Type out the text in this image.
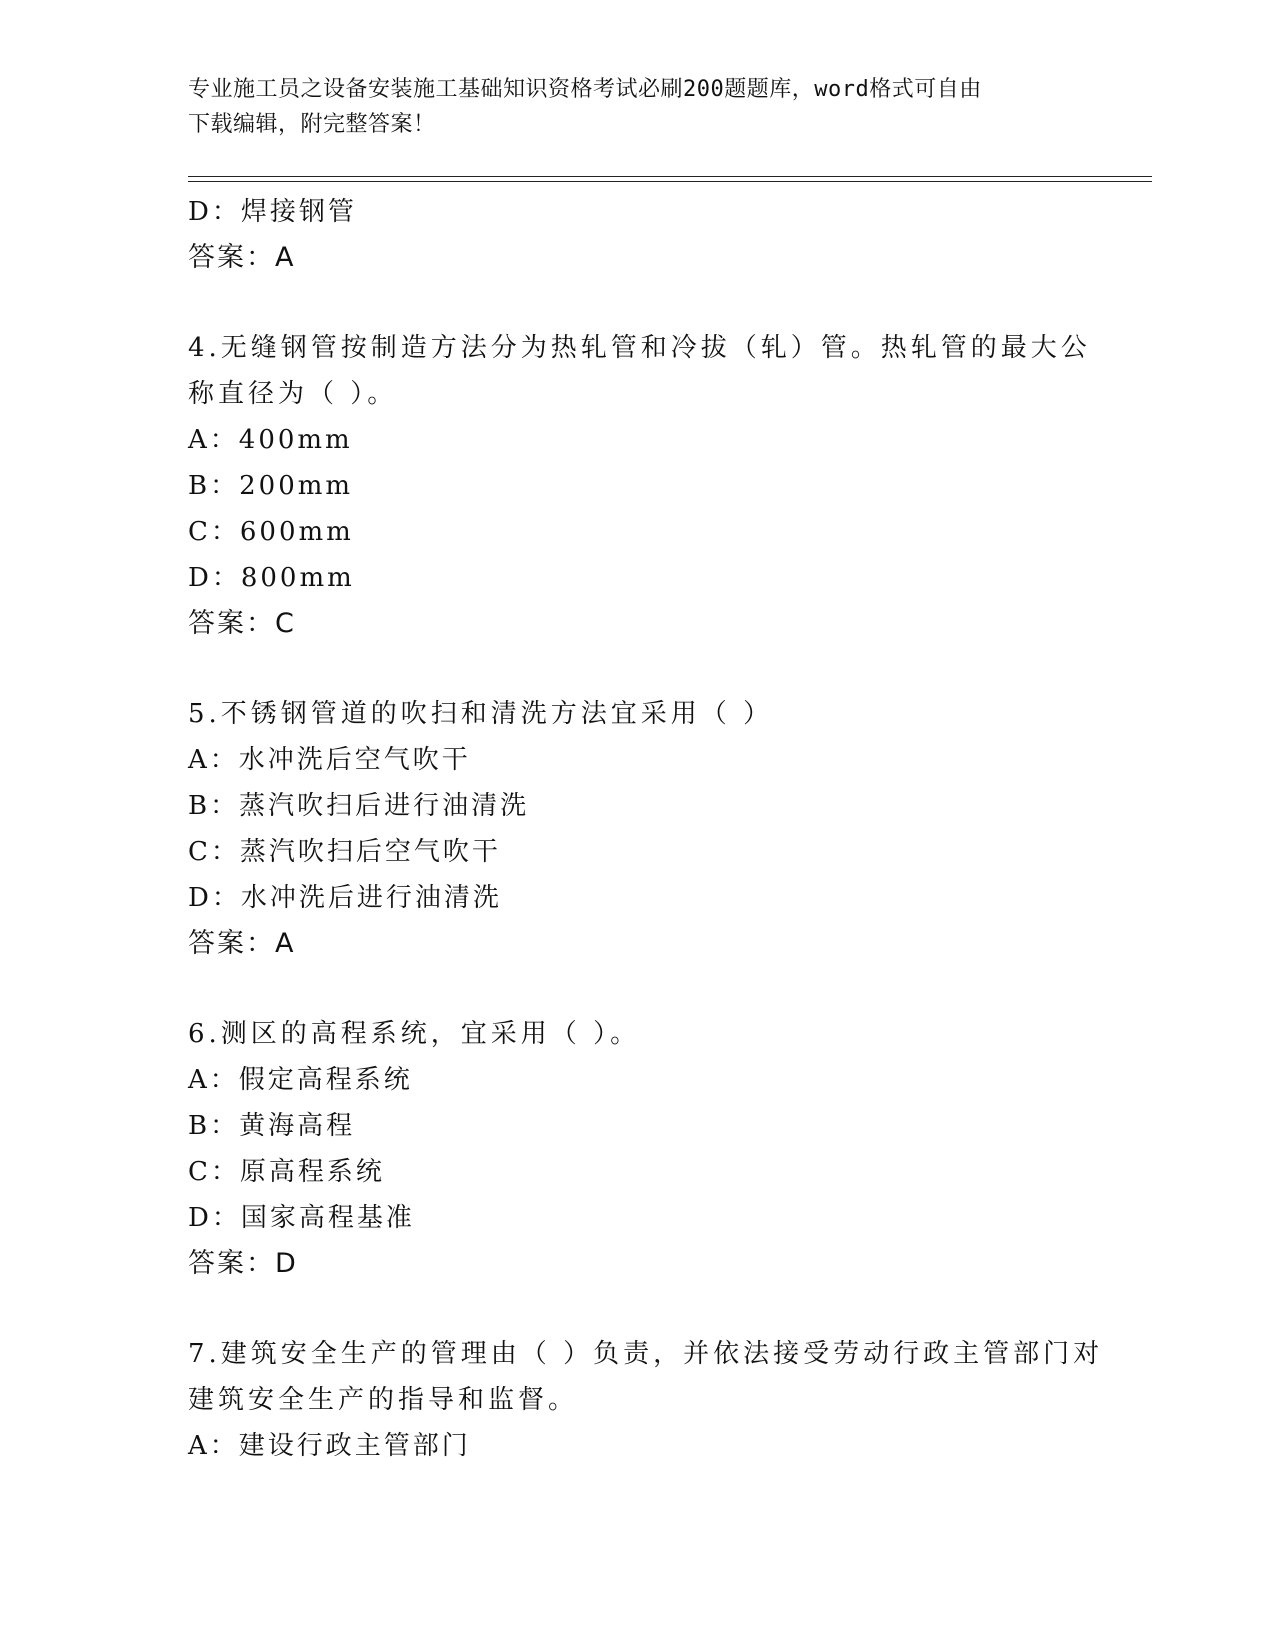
专业施工员之设备安装施工基础知识资格考试必刷200题题库，word格式可自由
下载编辑，附完整答案！
D：焊接钢管
答案：A
4.无缝钢管按制造方法分为热轧管和冷拔（轧）管。热轧管的最大公
称直径为（ ）。
A：400mm
B：200mm
C：600mm
D：800mm
答案：C
5.不锈钢管道的吹扫和清洗方法宜采用（ ）
A：水冲洗后空气吹干
B：蒸汽吹扫后进行油清洗
C：蒸汽吹扫后空气吹干
D：水冲洗后进行油清洗
答案：A
6.测区的高程系统，宜采用（ ）。
A：假定高程系统
B：黄海高程
C：原高程系统
D：国家高程基准
答案：D
7.建筑安全生产的管理由（ ）负责，并依法接受劳动行政主管部门对
建筑安全生产的指导和监督。
A：建设行政主管部门
